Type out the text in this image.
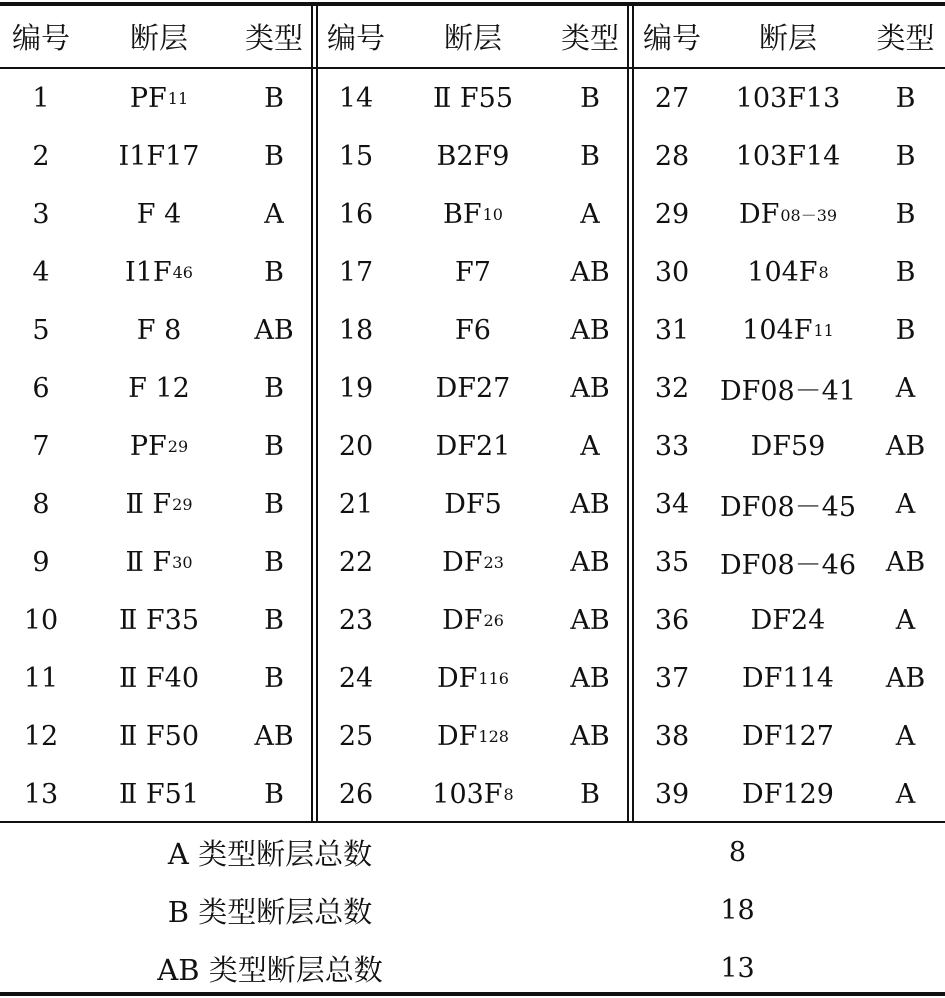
编号	断层	类型 编号	断层	类型 编号	断层	类型
1	PF 11	B	14	Ⅱ F55	B	27	103F13	B
2	I1F17	B	15	B2F9	B	28	103F14	B
3	F 4	A	16	BF 10	A	29	DF 08－39	B
4	I1F 46	B	17	F7	AB	30	104F 8	B
5	F 8	AB	18	F6	AB	31	104F 11	B
6	F 12	B	19	DF27	AB	32	DF08－41	A
7	PF 29	B	20	DF21	A	33	DF59	AB
8	Ⅱ F 29	B	21	DF5	AB	34	DF08－45	A
9	Ⅱ F 30	B	22	DF 23	AB	35	DF08－46	AB
10	Ⅱ F35	B	23	DF 26	AB	36	DF24	A
11	Ⅱ F40	B	24	DF 116	AB	37	DF114	AB
12	Ⅱ F50	AB	25	DF 128	AB	38	DF127	A
13	Ⅱ F51	B	26	103F 8	B	39	DF129	A
A 类型断层总数	8
B 类型断层总数	18
AB 类型断层总数	13
